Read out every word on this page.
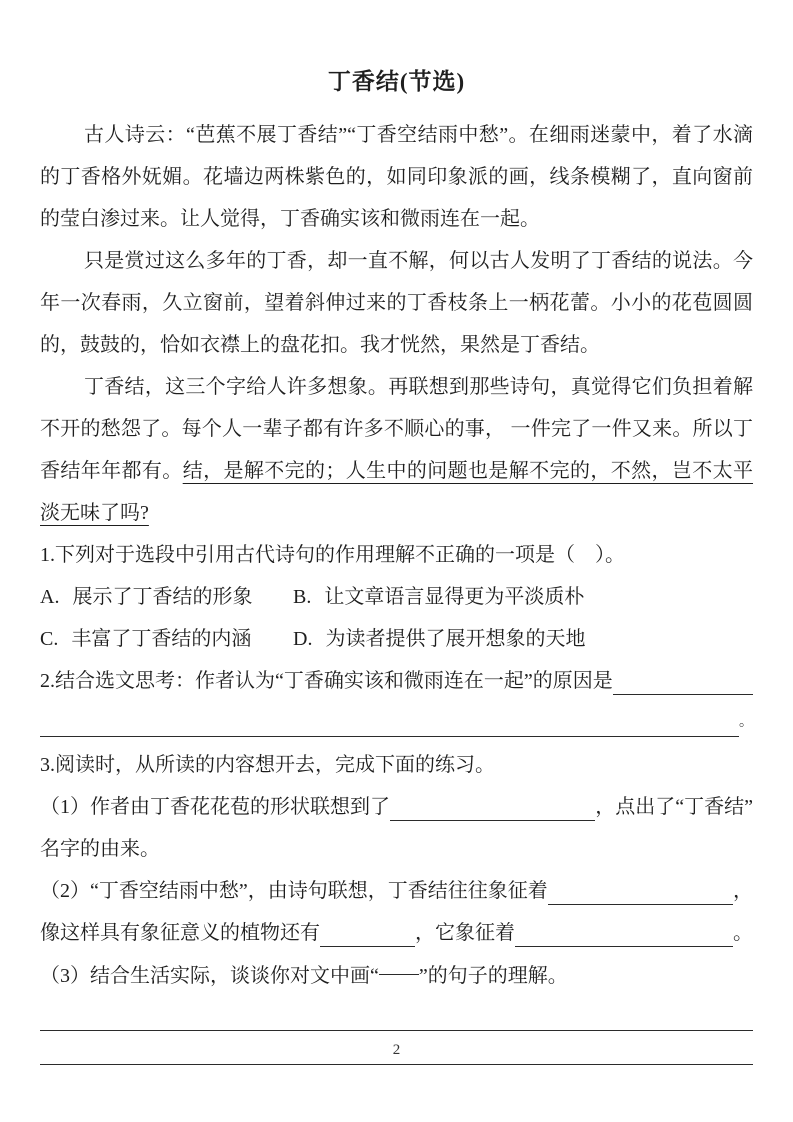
丁香结(节选)

古人诗云：“芭蕉不展丁香结”“丁香空结雨中愁”。在细雨迷蒙中，着了水滴的丁香格外妩媚。花墙边两株紫色的，如同印象派的画，线条模糊了，直向窗前的莹白渗过来。让人觉得，丁香确实该和微雨连在一起。

只是赏过这么多年的丁香，却一直不解，何以古人发明了丁香结的说法。今年一次春雨，久立窗前，望着斜伸过来的丁香枝条上一柄花蕾。小小的花苞圆圆的，鼓鼓的，恰如衣襟上的盘花扣。我才恍然，果然是丁香结。

丁香结，这三个字给人许多想象。再联想到那些诗句，真觉得它们负担着解不开的愁怨了。每个人一辈子都有许多不顺心的事， 一件完了一件又来。所以丁香结年年都有。结，是解不完的；人生中的问题也是解不完的，不然，岂不太平淡无味了吗?

1.下列对于选段中引用古代诗句的作用理解不正确的一项是（    ）。
A. 展示了丁香结的形象 B. 让文章语言显得更为平淡质朴
C. 丰富了丁香结的内涵 D. 为读者提供了展开想象的天地
2.结合选文思考：作者认为“丁香确实该和微雨连在一起”的原因是
。
3.阅读时，从所读的内容想开去，完成下面的练习。
（1）作者由丁香花花苞的形状联想到了	，点出了“丁香结”
名字的由来。
（2）“丁香空结雨中愁”，由诗句联想，丁香结往往象征着	，
像这样具有象征意义的植物还有	，它象征着	。
（3）结合生活实际，谈谈你对文中画“ ”的句子的理解。
2
